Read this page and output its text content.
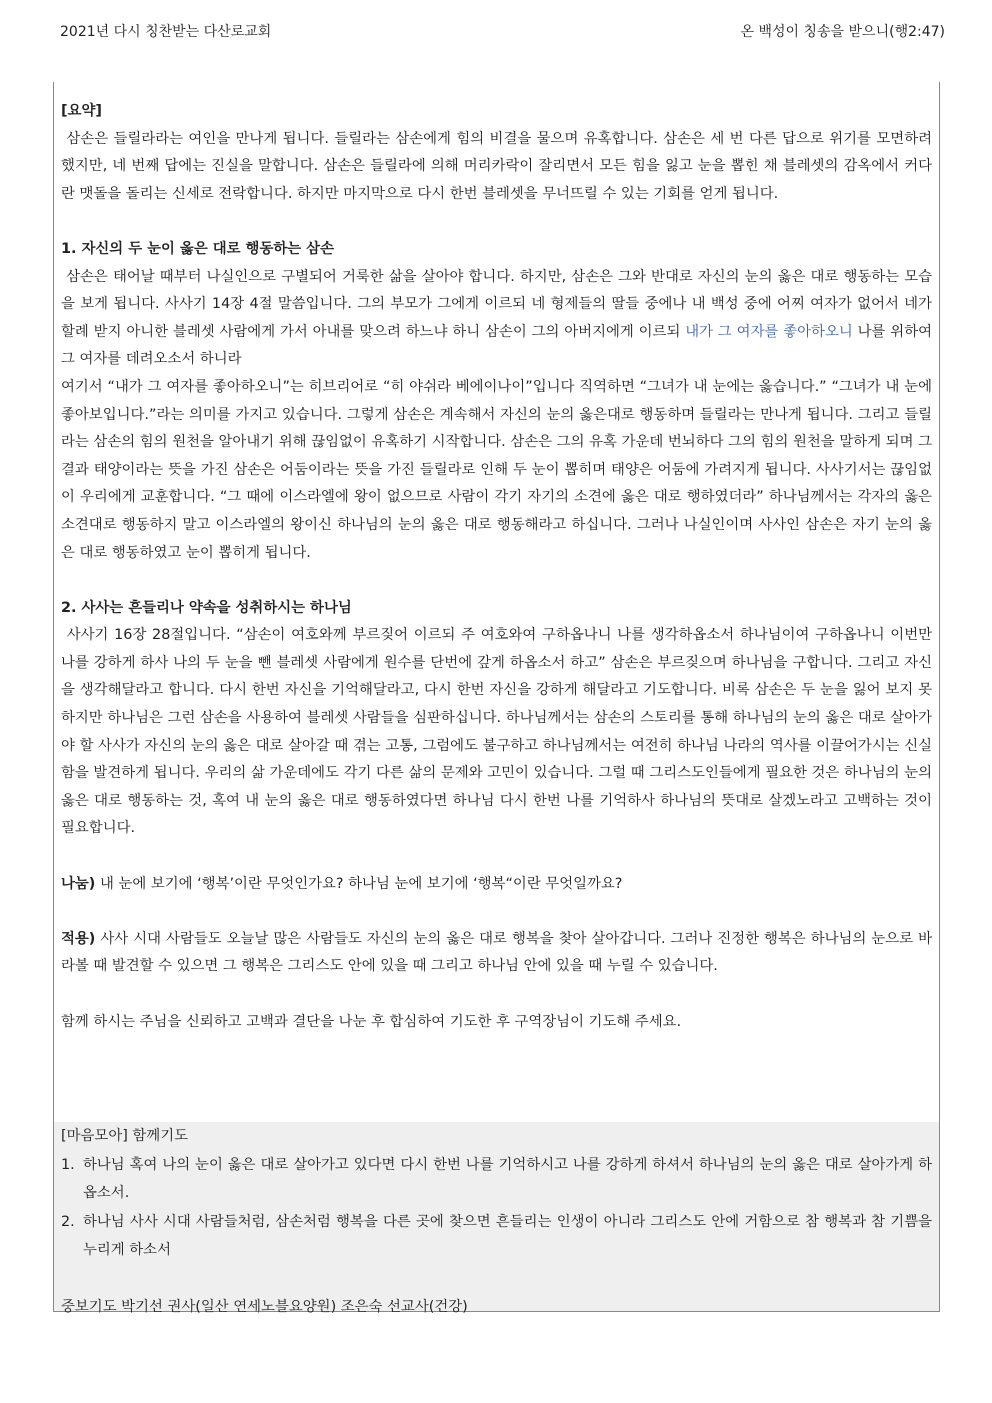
2021년 다시 칭찬받는 다산로교회	온 백성이 칭송을 받으니(행2:47)

[요약]

삼손은 들릴라라는 여인을 만나게 됩니다. 들릴라는 삼손에게 힘의 비결을 물으며 유혹합니다. 삼손은 세 번 다른 답으로 위기를 모면하려 했지만, 네 번째 답에는 진실을 말합니다. 삼손은 들릴라에 의해 머리카락이 잘리면서 모든 힘을 잃고 눈을 뽑힌 채 블레셋의 감옥에서 커다란 맷돌을 돌리는 신세로 전락합니다. 하지만 마지막으로 다시 한번 블레셋을 무너뜨릴 수 있는 기회를 얻게 됩니다.

1. 자신의 두 눈이 옳은 대로 행동하는 삼손

삼손은 태어날 때부터 나실인으로 구별되어 거룩한 삶을 살아야 합니다. 하지만, 삼손은 그와 반대로 자신의 눈의 옳은 대로 행동하는 모습을 보게 됩니다. 사사기 14장 4절 말씀입니다. 그의 부모가 그에게 이르되 네 형제들의 딸들 중에나 내 백성 중에 어찌 여자가 없어서 네가 할례 받지 아니한 블레셋 사람에게 가서 아내를 맞으려 하느냐 하니 삼손이 그의 아버지에게 이르되 내가 그 여자를 좋아하오니 나를 위하여 그 여자를 데려오소서 하니라

여기서 “내가 그 여자를 좋아하오니”는 히브리어로 “히 야쉬라 베에이나이”입니다 직역하면 “그녀가 내 눈에는 옳습니다.” “그녀가 내 눈에 좋아보입니다.”라는 의미를 가지고 있습니다. 그렇게 삼손은 계속해서 자신의 눈의 옳은대로 행동하며 들릴라는 만나게 됩니다. 그리고 들릴라는 삼손의 힘의 원천을 알아내기 위해 끊임없이 유혹하기 시작합니다. 삼손은 그의 유혹 가운데 번뇌하다 그의 힘의 원천을 말하게 되며 그 결과 태양이라는 뜻을 가진 삼손은 어둠이라는 뜻을 가진 들릴라로 인해 두 눈이 뽑히며 태양은 어둠에 가려지게 됩니다. 사사기서는 끊임없이 우리에게 교훈합니다. “그 때에 이스라엘에 왕이 없으므로 사람이 각기 자기의 소견에 옳은 대로 행하였더라” 하나님께서는 각자의 옳은 소견대로 행동하지 말고 이스라엘의 왕이신 하나님의 눈의 옳은 대로 행동해라고 하십니다. 그러나 나실인이며 사사인 삼손은 자기 눈의 옳은 대로 행동하였고 눈이 뽑히게 됩니다.

2. 사사는 흔들리나 약속을 성취하시는 하나님

사사기 16장 28절입니다. “삼손이 여호와께 부르짖어 이르되 주 여호와여 구하옵나니 나를 생각하옵소서 하나님이여 구하옵나니 이번만 나를 강하게 하사 나의 두 눈을 뺀 블레셋 사람에게 원수를 단번에 갚게 하옵소서 하고” 삼손은 부르짖으며 하나님을 구합니다. 그리고 자신을 생각해달라고 합니다. 다시 한번 자신을 기억해달라고, 다시 한번 자신을 강하게 해달라고 기도합니다. 비록 삼손은 두 눈을 잃어 보지 못 하지만 하나님은 그런 삼손을 사용하여 블레셋 사람들을 심판하십니다. 하나님께서는 삼손의 스토리를 통해 하나님의 눈의 옳은 대로 살아가야 할 사사가 자신의 눈의 옳은 대로 살아갈 때 겪는 고통, 그럼에도 불구하고 하나님께서는 여전히 하나님 나라의 역사를 이끌어가시는 신실함을 발견하게 됩니다. 우리의 삶 가운데에도 각기 다른 삶의 문제와 고민이 있습니다. 그럴 때 그리스도인들에게 필요한 것은 하나님의 눈의 옳은 대로 행동하는 것, 혹여 내 눈의 옳은 대로 행동하였다면 하나님 다시 한번 나를 기억하사 하나님의 뜻대로 살겠노라고 고백하는 것이 필요합니다.

나눔) 내 눈에 보기에 ‘행복’이란 무엇인가요? 하나님 눈에 보기에 ‘행복“이란 무엇일까요?

적용) 사사 시대 사람들도 오늘날 많은 사람들도 자신의 눈의 옳은 대로 행복을 찾아 살아갑니다. 그러나 진정한 행복은 하나님의 눈으로 바라볼 때 발견할 수 있으면 그 행복은 그리스도 안에 있을 때 그리고 하나님 안에 있을 때 누릴 수 있습니다.

함께 하시는 주님을 신뢰하고 고백과 결단을 나눈 후 합심하여 기도한 후 구역장님이 기도해 주세요.

[마음모아] 함께기도

1. 하나님 혹여 나의 눈이 옳은 대로 살아가고 있다면 다시 한번 나를 기억하시고 나를 강하게 하셔서 하나님의 눈의 옳은 대로 살아가게 하옵소서.

2. 하나님 사사 시대 사람들처럼, 삼손처럼 행복을 다른 곳에 찾으면 흔들리는 인생이 아니라 그리스도 안에 거함으로 참 행복과 참 기쁨을 누리게 하소서

중보기도 박기선 권사(일산 연세노블요양원) 조은숙 선교사(건강)
